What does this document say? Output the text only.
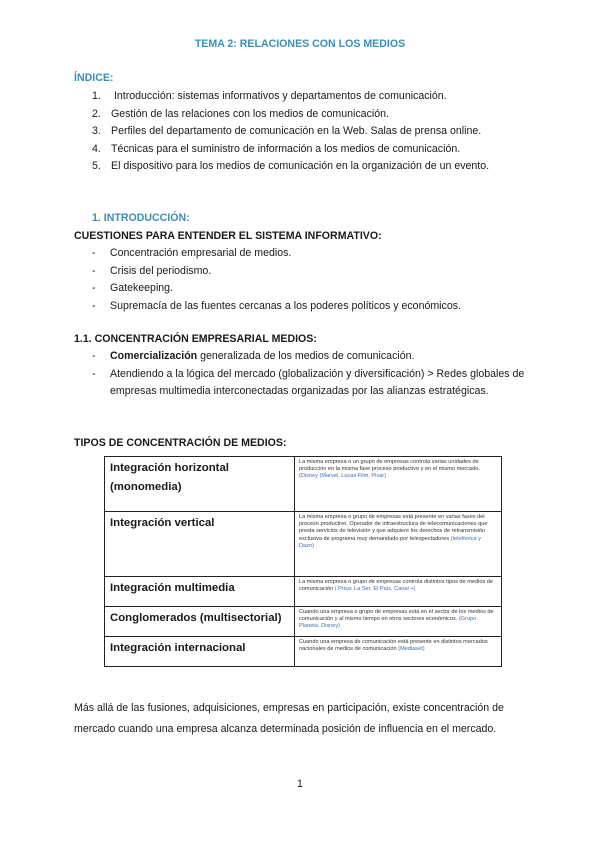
TEMA 2: RELACIONES CON LOS MEDIOS
ÍNDICE:
1. Introducción: sistemas informativos y departamentos de comunicación.
2. Gestión de las relaciones con los medios de comunicación.
3. Perfiles del departamento de comunicación en la Web. Salas de prensa online.
4. Técnicas para el suministro de información a los medios de comunicación.
5. El dispositivo para los medios de comunicación en la organización de un evento.
1. INTRODUCCIÓN:
CUESTIONES PARA ENTENDER EL SISTEMA INFORMATIVO:
- Concentración empresarial de medios.
- Crisis del periodismo.
- Gatekeeping.
- Supremacía de las fuentes cercanas a los poderes políticos y económicos.
1.1. CONCENTRACIÓN EMPRESARIAL MEDIOS:
- Comercialización generalizada de los medios de comunicación.
- Atendiendo a la lógica del mercado (globalización y diversificación) > Redes globales de empresas multimedia interconectadas organizadas por las alianzas estratégicas.
TIPOS DE CONCENTRACIÓN DE MEDIOS:
Integración horizontal (monomedia)	La misma empresa o un grupo de empresas controla varias unidades de producción en la misma fase proceso productivo y en el mismo mercado. (Disney (Marvel, Lucas Film, Pixar)
Integración vertical	La misma empresa o grupo de empresas está presente en varias fases del proceso productivo. Operador de infraestructura de telecomunicaciones que presta servicios de televisión y que adquiere los derechos de retransmisión exclusiva de programa muy demandado por telespectadores (telefónica y Dazn)
Integración multimedia	La misma empresa o grupo de empresas controla distintos tipos de medios de comunicación ( Prisa: La Ser, El País, Canal +)
Conglomerados (multisectorial)	Cuando una empresa o grupo de empresas está en el sector de los medios de comunicación y al mismo tiempo en otros sectores económicos. (Grupo Planeta, Disney)
Integración internacional	Cuando una empresa de comunicación está presente en distintos mercados nacionales de medios de comunicación (Mediaset)
Más allá de las fusiones, adquisiciones, empresas en participación, existe concentración de mercado cuando una empresa alcanza determinada posición de influencia en el mercado.
1
